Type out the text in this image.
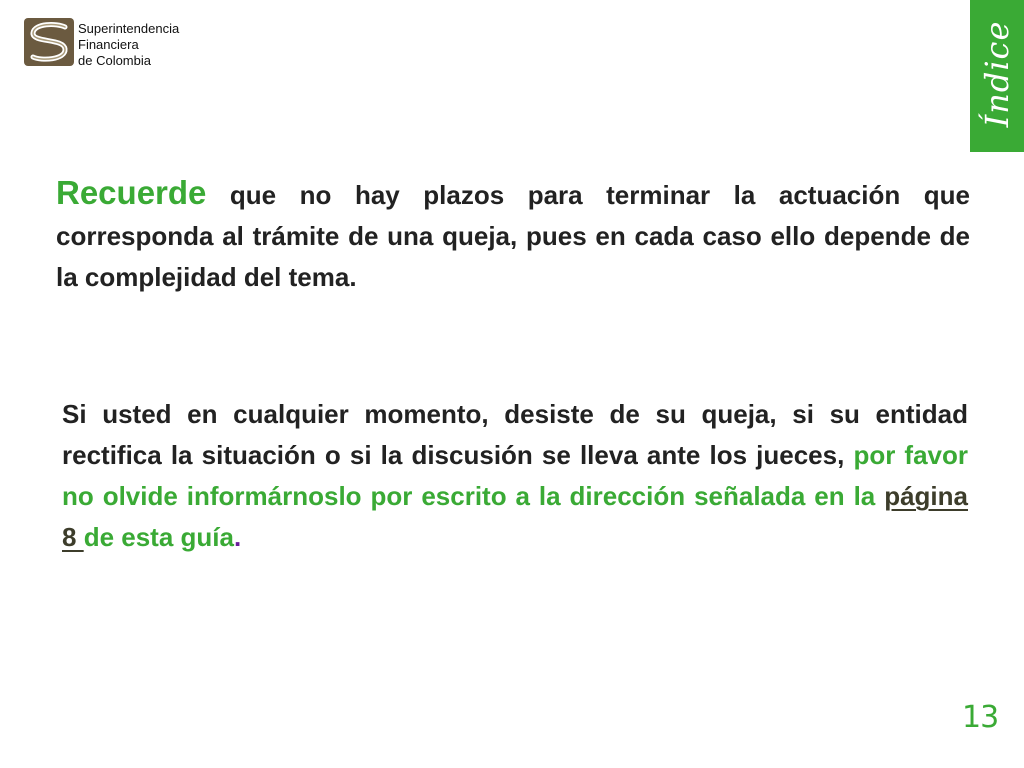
Superintendencia
Financiera
de Colombia	Índice

Recuerde que no hay plazos para terminar la actuación que corresponda al trámite de una queja, pues en cada caso ello depende de la complejidad del tema.

Si usted en cualquier momento, desiste de su queja, si su entidad rectifica la situación o si la discusión se lleva ante los jueces, por favor no olvide informárnoslo por escrito a la dirección señalada en la página 8 de esta guía.

13
